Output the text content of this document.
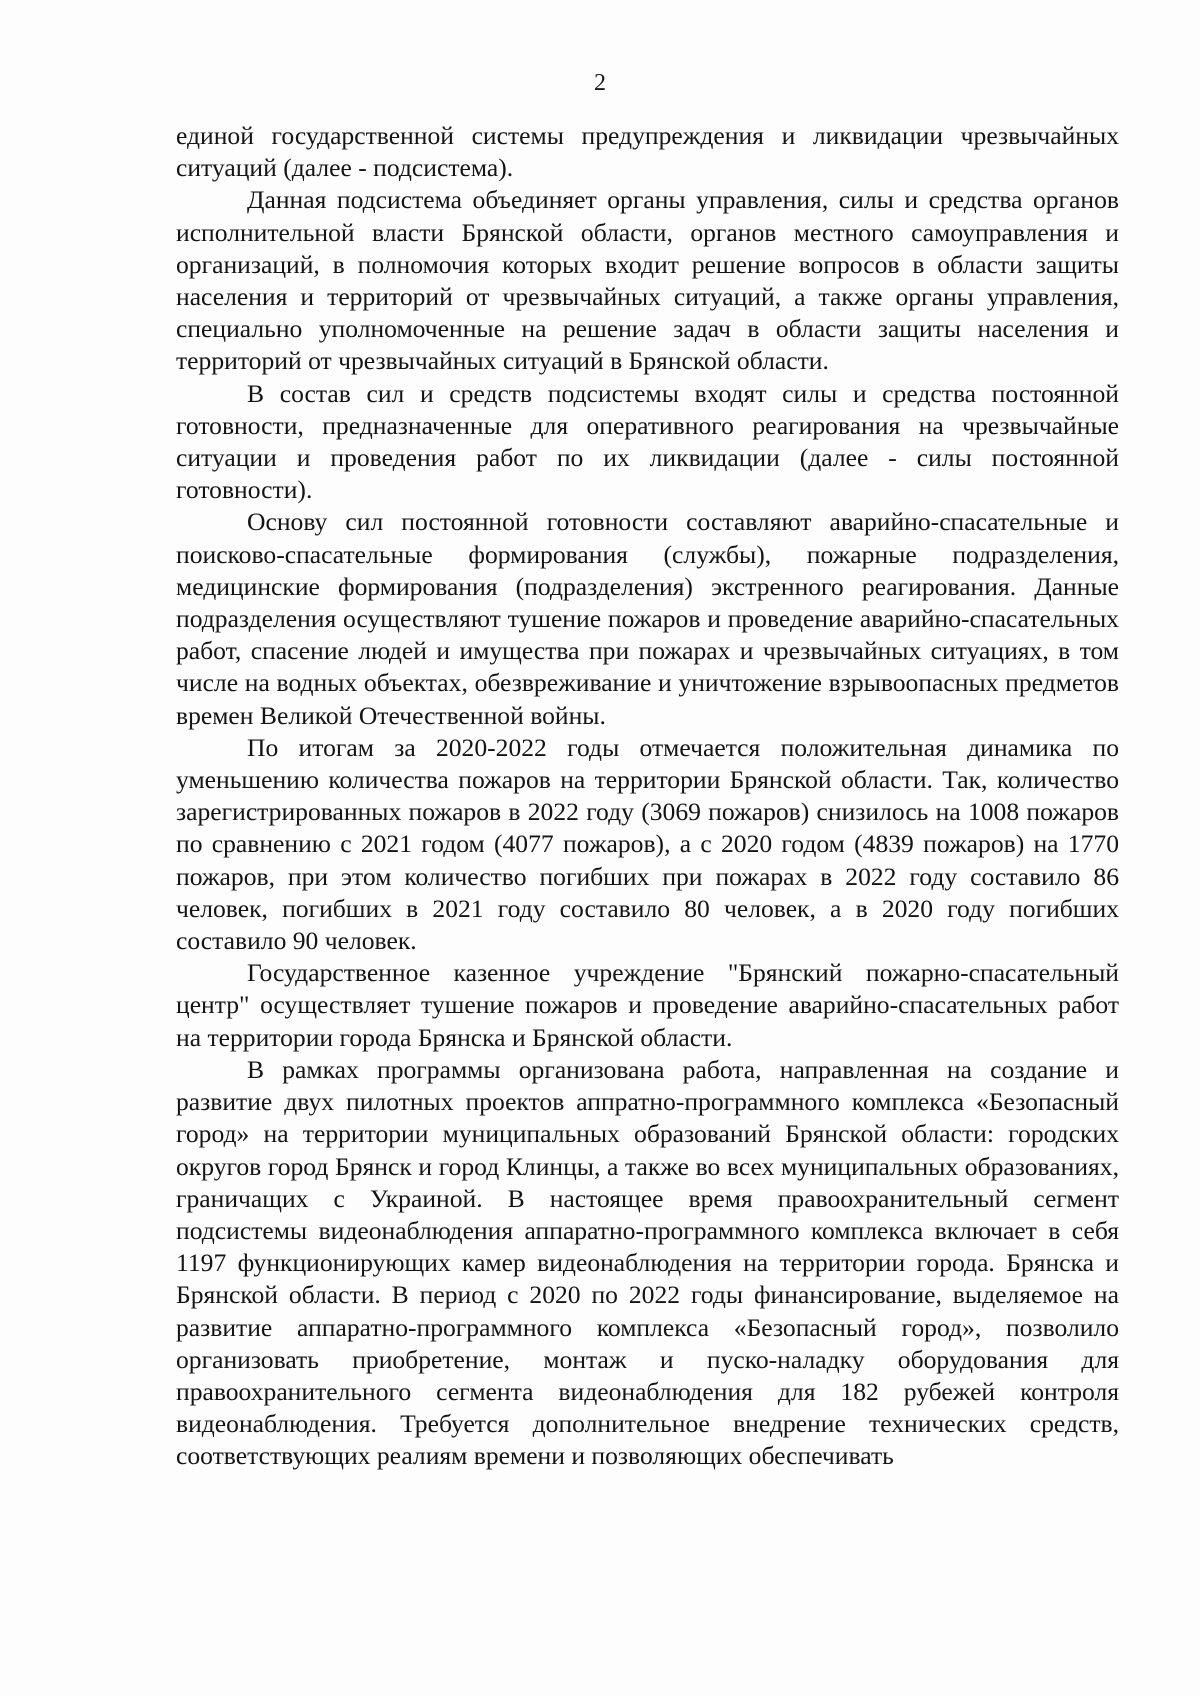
2

единой государственной системы предупреждения и ликвидации чрезвычайных ситуаций (далее - подсистема).

Данная подсистема объединяет органы управления, силы и средства органов исполнительной власти Брянской области, органов местного самоуправления и организаций, в полномочия которых входит решение вопросов в области защиты населения и территорий от чрезвычайных ситуаций, а также органы управления, специально уполномоченные на решение задач в области защиты населения и территорий от чрезвычайных ситуаций в Брянской области.

В состав сил и средств подсистемы входят силы и средства постоянной готовности, предназначенные для оперативного реагирования на чрезвычайные ситуации и проведения работ по их ликвидации (далее - силы постоянной готовности).

Основу сил постоянной готовности составляют аварийно-спасательные и поисково-спасательные формирования (службы), пожарные подразделения, медицинские формирования (подразделения) экстренного реагирования. Данные подразделения осуществляют тушение пожаров и проведение аварийно-спасательных работ, спасение людей и имущества при пожарах и чрезвычайных ситуациях, в том числе на водных объектах, обезвреживание и уничтожение взрывоопасных предметов времен Великой Отечественной войны.

По итогам за 2020-2022 годы отмечается положительная динамика по уменьшению количества пожаров на территории Брянской области. Так, количество зарегистрированных пожаров в 2022 году (3069 пожаров) снизилось на 1008 пожаров по сравнению с 2021 годом (4077 пожаров), а с 2020 годом (4839 пожаров) на 1770 пожаров, при этом количество погибших при пожарах в 2022 году составило 86 человек, погибших в 2021 году составило 80 человек, а в 2020 году погибших составило 90 человек.

Государственное казенное учреждение "Брянский пожарно-спасательный центр" осуществляет тушение пожаров и проведение аварийно-спасательных работ на территории города Брянска и Брянской области.

В рамках программы организована работа, направленная на создание и развитие двух пилотных проектов аппратно-программного комплекса «Безопасный город» на территории муниципальных образований Брянской области: городских округов город Брянск и город Клинцы, а также во всех муниципальных образованиях, граничащих с Украиной. В настоящее время правоохранительный сегмент подсистемы видеонаблюдения аппаратно-программного комплекса включает в себя 1197 функционирующих камер видеонаблюдения на территории города. Брянска и Брянской области. В период с 2020 по 2022 годы финансирование, выделяемое на развитие аппаратно-программного комплекса «Безопасный город», позволило организовать приобретение, монтаж и пуско-наладку оборудования для правоохранительного сегмента видеонаблюдения для 182 рубежей контроля видеонаблюдения. Требуется дополнительное внедрение технических средств, соответствующих реалиям времени и позволяющих обеспечивать
